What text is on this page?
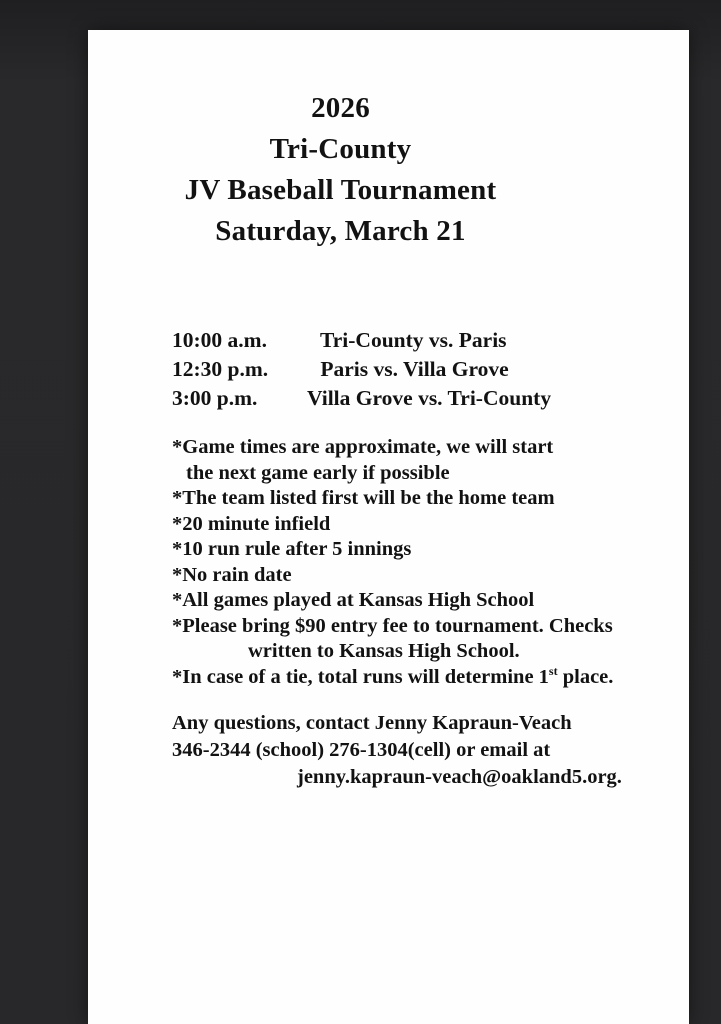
2026
Tri-County
JV Baseball Tournament
Saturday, March 21
10:00 a.m. Tri-County vs. Paris
12:30 p.m. Paris vs. Villa Grove
3:00 p.m. Villa Grove vs. Tri-County
*Game times are approximate, we will start
the next game early if possible
*The team listed first will be the home team
*20 minute infield
*10 run rule after 5 innings
*No rain date
*All games played at Kansas High School
*Please bring $90 entry fee to tournament. Checks
written to Kansas High School.
*In case of a tie, total runs will determine 1st place.
Any questions, contact Jenny Kapraun-Veach
346-2344 (school) 276-1304(cell) or email at
jenny.kapraun-veach@oakland5.org.
